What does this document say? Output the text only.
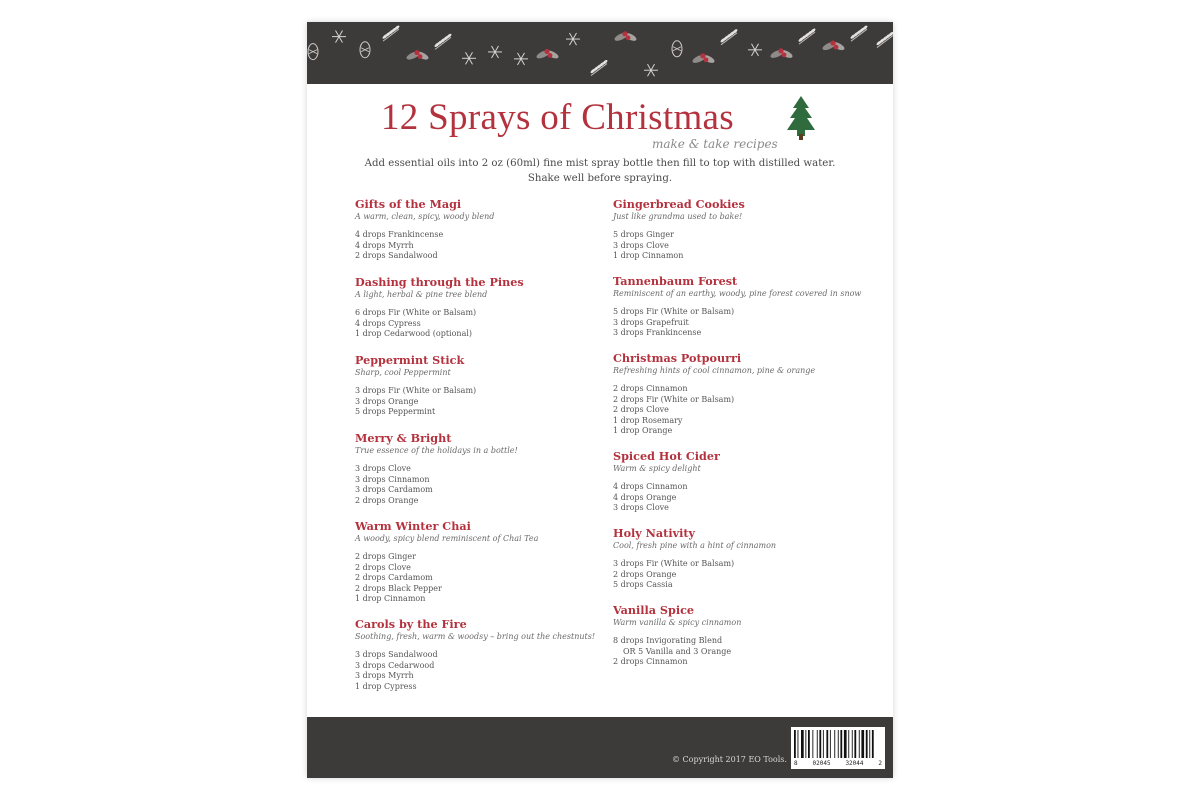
12 Sprays of Christmas
make & take recipes
Add essential oils into 2 oz (60ml) fine mist spray bottle then fill to top with distilled water.
Shake well before spraying.
Gifts of the Magi
A warm, clean, spicy, woody blend
4 drops Frankincense
4 drops Myrrh
2 drops Sandalwood
Dashing through the Pines
A light, herbal & pine tree blend
6 drops Fir (White or Balsam)
4 drops Cypress
1 drop Cedarwood (optional)
Peppermint Stick
Sharp, cool Peppermint
3 drops Fir (White or Balsam)
3 drops Orange
5 drops Peppermint
Merry & Bright
True essence of the holidays in a bottle!
3 drops Clove
3 drops Cinnamon
3 drops Cardamom
2 drops Orange
Warm Winter Chai
A woody, spicy blend reminiscent of Chai Tea
2 drops Ginger
2 drops Clove
2 drops Cardamom
2 drops Black Pepper
1 drop Cinnamon
Carols by the Fire
Soothing, fresh, warm & woodsy – bring out the chestnuts!
3 drops Sandalwood
3 drops Cedarwood
3 drops Myrrh
1 drop Cypress
Gingerbread Cookies
Just like grandma used to bake!
5 drops Ginger
3 drops Clove
1 drop Cinnamon
Tannenbaum Forest
Reminiscent of an earthy, woody, pine forest covered in snow
5 drops Fir (White or Balsam)
3 drops Grapefruit
3 drops Frankincense
Christmas Potpourri
Refreshing hints of cool cinnamon, pine & orange
2 drops Cinnamon
2 drops Fir (White or Balsam)
2 drops Clove
1 drop Rosemary
1 drop Orange
Spiced Hot Cider
Warm & spicy delight
4 drops Cinnamon
4 drops Orange
3 drops Clove
Holy Nativity
Cool, fresh pine with a hint of cinnamon
3 drops Fir (White or Balsam)
2 drops Orange
5 drops Cassia
Vanilla Spice
Warm vanilla & spicy cinnamon
8 drops Invigorating Blend
OR 5 Vanilla and 3 Orange
2 drops Cinnamon
© Copyright 2017 EO Tools. 8 02045 32044 2
